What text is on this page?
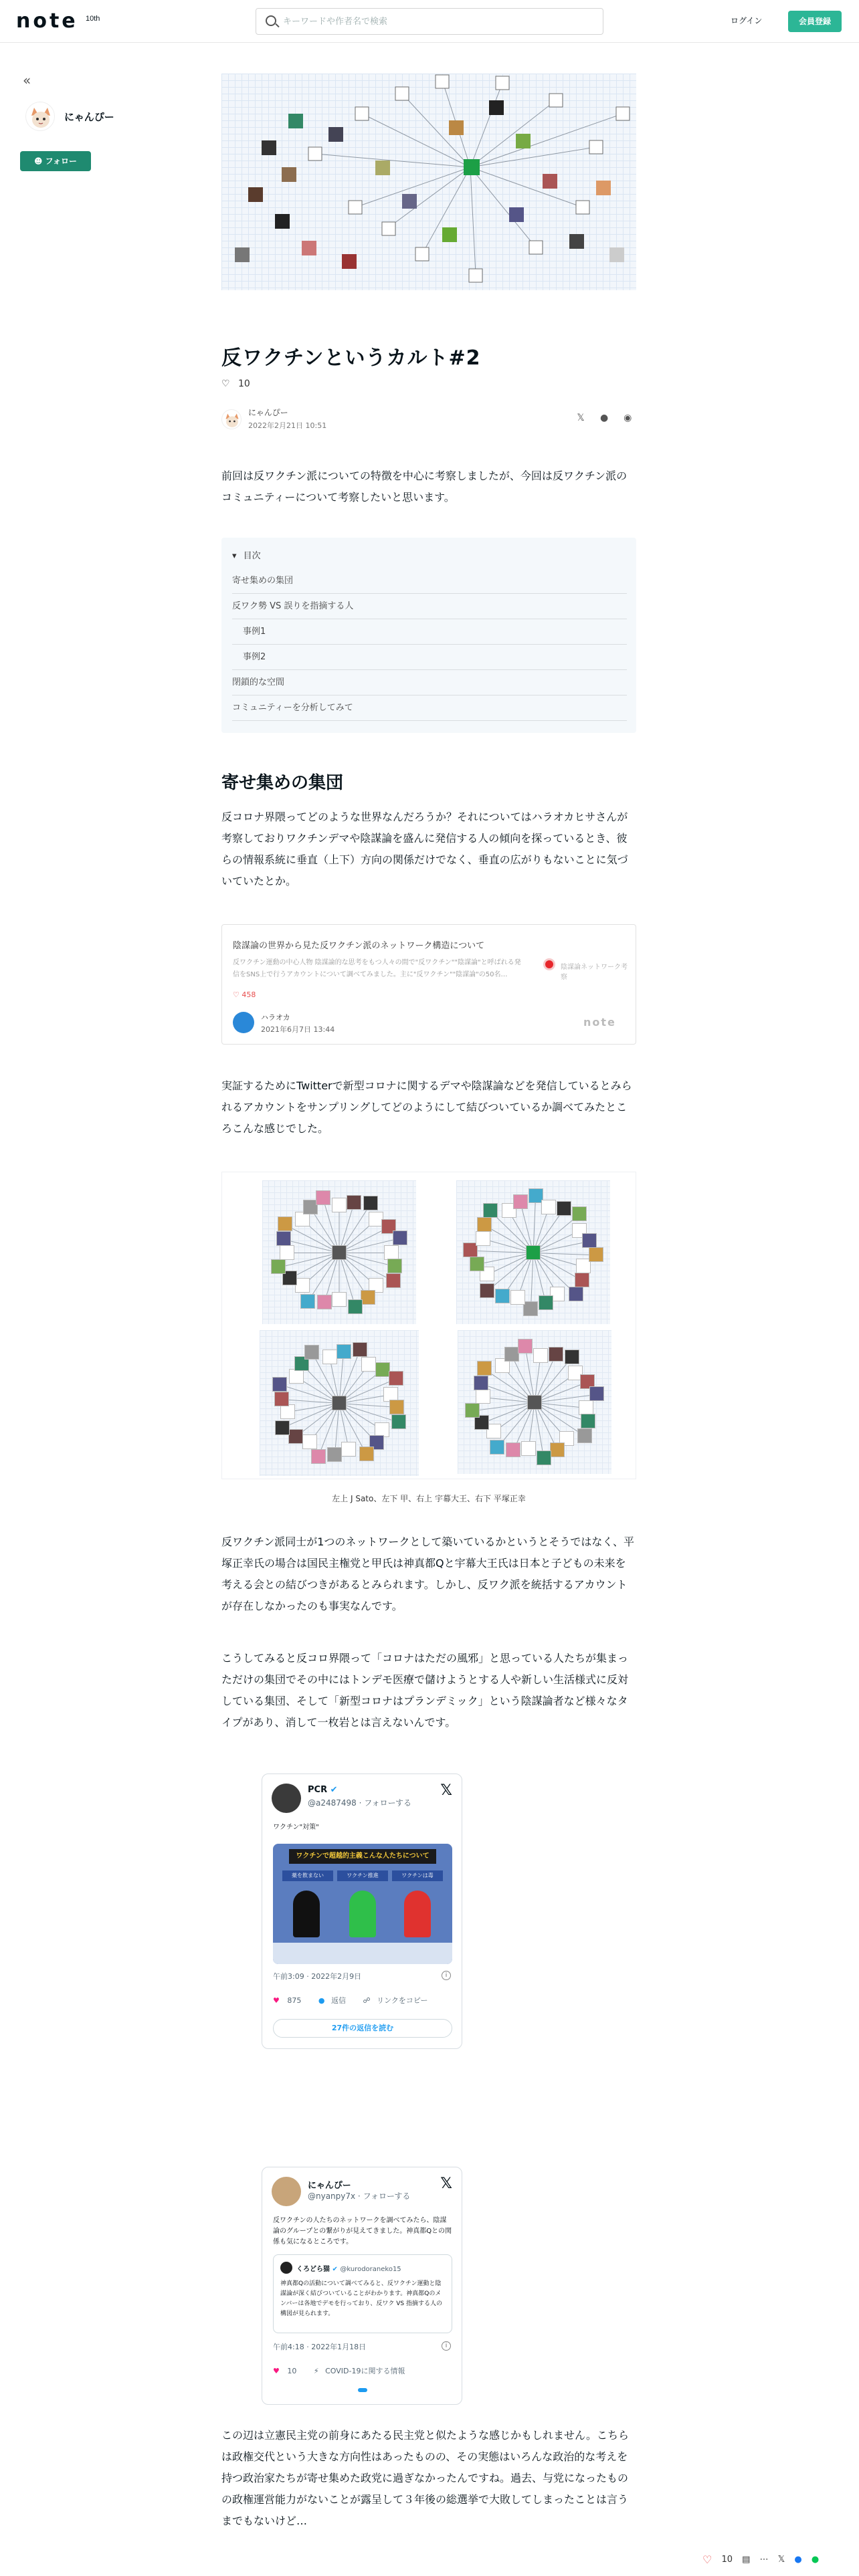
note 10th
キーワードや作者名で検索	ログイン	会員登録
«
にゃんぴー
☻ フォロー
反ワクチンというカルト#2
♡ 10
にゃんぴー
2022年2月21日 10:51
𝕏 ● ◉
前回は反ワクチン派についての特徴を中心に考察しましたが、今回は反ワクチン派のコミュニティーについて考察したいと思います。
▾ 目次
寄せ集めの集団
反ワク勢 VS 誤りを指摘する人
事例1
事例2
閉鎖的な空間
コミュニティーを分析してみて
寄せ集めの集団
反コロナ界隈ってどのような世界なんだろうか？それについてはハラオカヒサさんが考察しておりワクチンデマや陰謀論を盛んに発信する人の傾向を探っているとき、彼らの情報系統に垂直（上下）方向の関係だけでなく、垂直の広がりもないことに気づいていたとか。
陰謀論の世界から見た反ワクチン派のネットワーク構造について
反ワクチン運動の中心人物 陰謀論的な思考をもつ人々の間で"反ワクチン""陰謀論"と呼ばれる発信をSNS上で行うアカウントについて調べてみました。主に"反ワクチン""陰謀論"の50名…
♡ 458
ハラオカ
2021年6月7日 13:44
陰謀論ネットワーク考察
note
実証するためにTwitterで新型コロナに関するデマや陰謀論などを発信しているとみられるアカウントをサンプリングしてどのようにして結びついているか調べてみたところこんな感じでした。
左上 J Sato、左下 甲、右上 宇幕大王、右下 平塚正幸
反ワクチン派同士が1つのネットワークとして築いているかというとそうではなく、平塚正幸氏の場合は国民主権党と甲氏は神真都Qと宇幕大王氏は日本と子どもの未来を考える会との結びつきがあるとみられます。しかし、反ワク派を統括するアカウントが存在しなかったのも事実なんです。
こうしてみると反コロ界隈って「コロナはただの風邪」と思っている人たちが集まっただけの集団でその中にはトンデモ医療で儲けようとする人や新しい生活様式に反対している集団、そして「新型コロナはプランデミック」という陰謀論者など様々なタイプがあり、消して一枚岩とは言えないんです。
PCR ✔
@a2487498 · フォローする
𝕏
ワクチン"対策"
ワクチンで超越的主義こんな人たちについて
薬を飲まない	ワクチン推進	ワクチンは毒
午前3:09 · 2022年2月9日	i
♥ 875 ● 返信 ☍ リンクをコピー
27件の返信を読む
にゃんぴー
@nyanpy7x · フォローする
𝕏
反ワクチンの人たちのネットワークを調べてみたら、陰謀論のグループとの繋がりが見えてきました。神真都Qとの関係も気になるところです。
くろどら猫 ✔ @kurodoraneko15
神真都Qの活動について調べてみると、反ワクチン運動と陰謀論が深く結びついていることがわかります。神真都Qのメンバーは各地でデモを行っており、反ワク VS 指摘する人の構図が見られます。
午前4:18 · 2022年1月18日	i
♥ 10 ⚡ COVID-19に関する情報
この辺は立憲民主党の前身にあたる民主党と似たような感じかもしれません。こちらは政権交代という大きな方向性はあったものの、その実態はいろんな政治的な考えを持つ政治家たちが寄せ集めた政党に過ぎなかったんですね。過去、与党になったものの政権運営能力がないことが露呈して３年後の総選挙で大敗してしまったことは言うまでもないけど…
♡ 10 ▤ ⋯ 𝕏 ● ●
